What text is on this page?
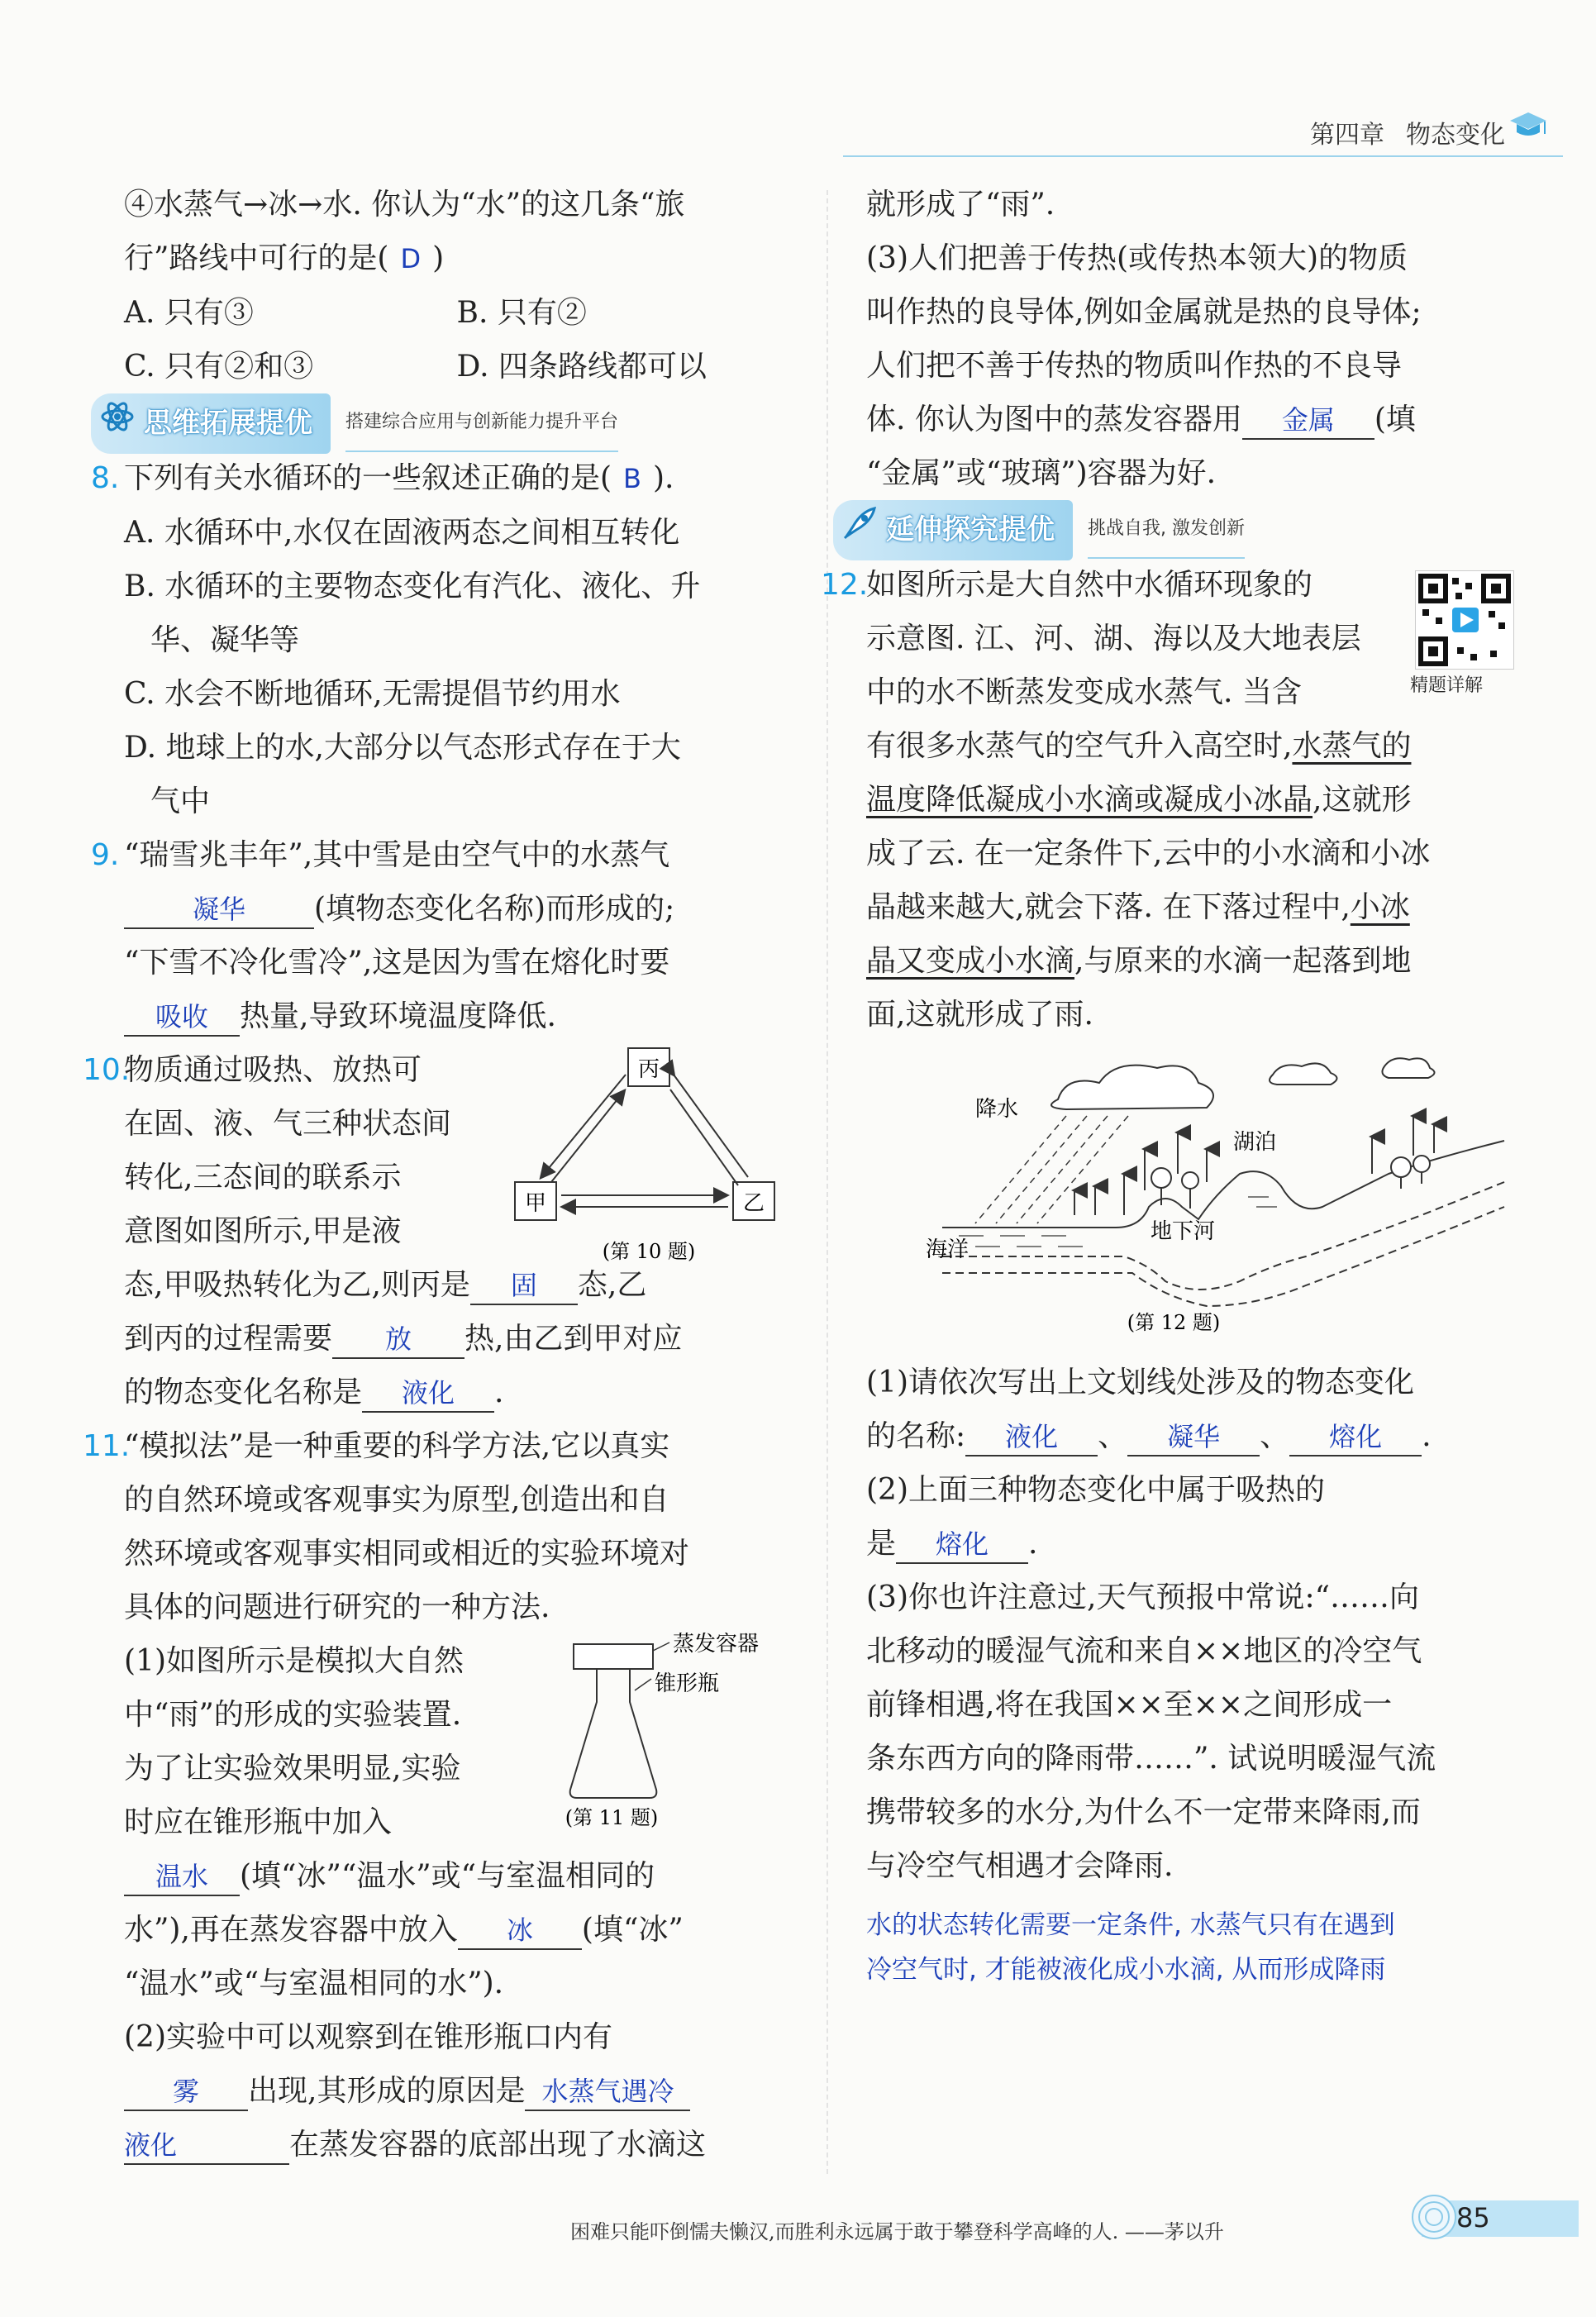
第四章 物态变化

④水蒸气→冰→水. 你认为“水”的这几条“旅

行”路线中可行的是( D )

A. 只有③	B. 只有②

C. 只有②和③	D. 四条路线都可以

思维拓展提优	搭建综合应用与创新能力提升平台

8. 下列有关水循环的一些叙述正确的是( B ).

A. 水循环中,水仅在固液两态之间相互转化

B. 水循环的主要物态变化有汽化、液化、升

华、凝华等

C. 水会不断地循环,无需提倡节约用水

D. 地球上的水,大部分以气态形式存在于大

气中

9. “瑞雪兆丰年”,其中雪是由空气中的水蒸气

凝华 (填物态变化名称)而形成的;

“下雪不冷化雪冷”,这是因为雪在熔化时要

吸收 热量,导致环境温度降低.

10.物质通过吸热、放热可

在固、液、气三种状态间

转化,三态间的联系示

意图如图所示,甲是液

态,甲吸热转化为乙,则丙是 固 态,乙

到丙的过程需要 放 热,由乙到甲对应

的物态变化名称是 液化 .

11.“模拟法”是一种重要的科学方法,它以真实

的自然环境或客观事实为原型,创造出和自

然环境或客观事实相同或相近的实验环境对

具体的问题进行研究的一种方法.

(1)如图所示是模拟大自然

中“雨”的形成的实验装置.

为了让实验效果明显,实验

时应在锥形瓶中加入

温水 (填“冰”“温水”或“与室温相同的

水”),再在蒸发容器中放入 冰 (填“冰”

“温水”或“与室温相同的水”).

(2)实验中可以观察到在锥形瓶口内有

雾 出现,其形成的原因是 水蒸气遇冷

液化	在蒸发容器的底部出现了水滴这

丙
甲	乙
(第 10 题)
蒸发容器
锥形瓶
(第 11 题)

就形成了“雨”.

(3)人们把善于传热(或传热本领大)的物质

叫作热的良导体,例如金属就是热的良导体;

人们把不善于传热的物质叫作热的不良导

体. 你认为图中的蒸发容器用 金属 (填

“金属”或“玻璃”)容器为好.

延伸探究提优	挑战自我, 激发创新

12.如图所示是大自然中水循环现象的

示意图. 江、河、湖、海以及大地表层

中的水不断蒸发变成水蒸气. 当含

有很多水蒸气的空气升入高空时,水蒸气的

温度降低凝成小水滴或凝成小冰晶,这就形

成了云. 在一定条件下,云中的小水滴和小冰

晶越来越大,就会下落. 在下落过程中,小冰

晶又变成小水滴,与原来的水滴一起落到地

面,这就形成了雨.

(1)请依次写出上文划线处涉及的物态变化

的名称: 液化 、 凝华 、 熔化 .

(2)上面三种物态变化中属于吸热的

是 熔化 .

(3)你也许注意过,天气预报中常说:“……向

北移动的暖湿气流和来自××地区的冷空气

前锋相遇,将在我国××至××之间形成一

条东西方向的降雨带……”. 试说明暖湿气流

携带较多的水分,为什么不一定带来降雨,而

与冷空气相遇才会降雨.

水的状态转化需要一定条件, 水蒸气只有在遇到

冷空气时, 才能被液化成小水滴, 从而形成降雨

精题详解
降水
海洋
湖泊
地下河
(第 12 题)
困难只能吓倒懦夫懒汉,而胜利永远属于敢于攀登科学高峰的人. ——茅以升	85
